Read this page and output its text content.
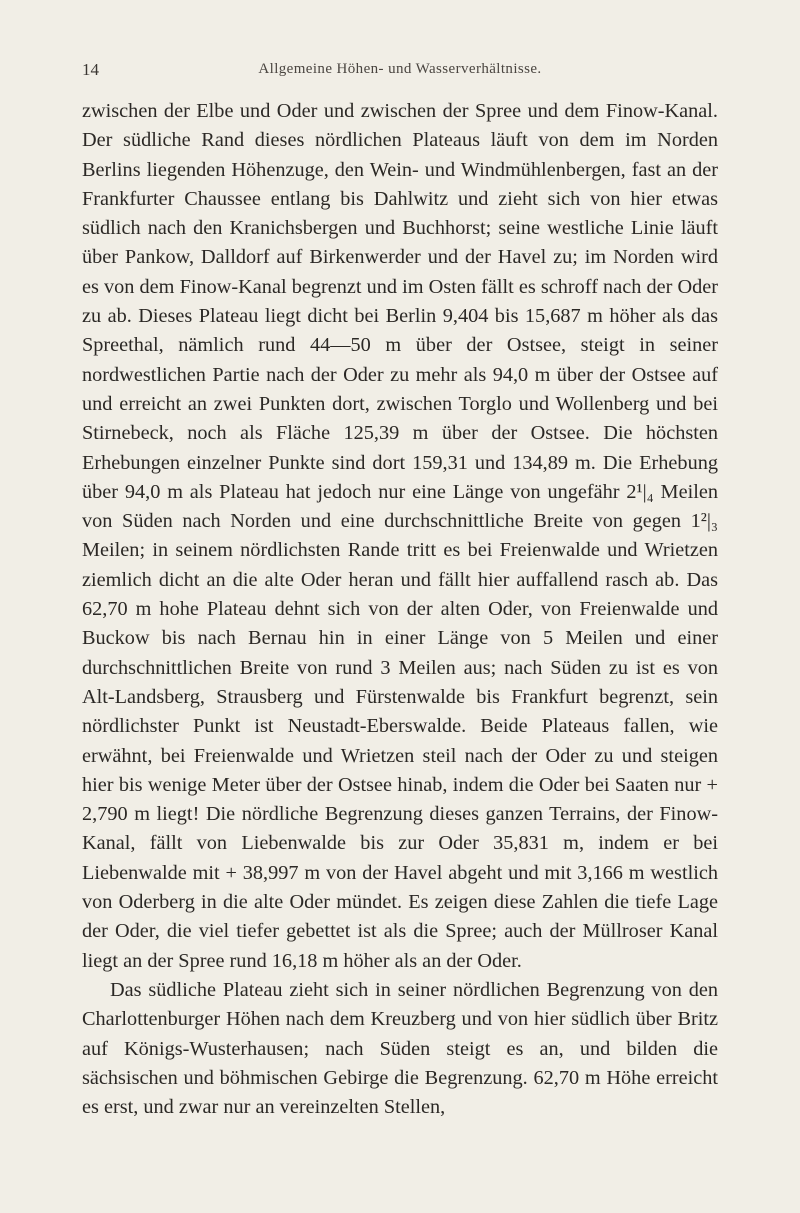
14	Allgemeine Höhen- und Wasserverhältnisse.

zwischen der Elbe und Oder und zwischen der Spree und dem Finow-Kanal. Der südliche Rand dieses nördlichen Plateaus läuft von dem im Norden Berlins liegenden Höhenzuge, den Wein- und Windmühlenbergen, fast an der Frankfurter Chaussee entlang bis Dahlwitz und zieht sich von hier etwas südlich nach den Kranichsbergen und Buchhorst; seine westliche Linie läuft über Pankow, Dalldorf auf Birkenwerder und der Havel zu; im Norden wird es von dem Finow-Kanal begrenzt und im Osten fällt es schroff nach der Oder zu ab. Dieses Plateau liegt dicht bei Berlin 9,404 bis 15,687 m höher als das Spreethal, nämlich rund 44—50 m über der Ostsee, steigt in seiner nordwestlichen Partie nach der Oder zu mehr als 94,0 m über der Ostsee auf und erreicht an zwei Punkten dort, zwischen Torglo und Wollenberg und bei Stirnebeck, noch als Fläche 125,39 m über der Ostsee. Die höchsten Erhebungen einzelner Punkte sind dort 159,31 und 134,89 m. Die Erhebung über 94,0 m als Plateau hat jedoch nur eine Länge von ungefähr 2¹|₄ Meilen von Süden nach Norden und eine durchschnittliche Breite von gegen 1²|₃ Meilen; in seinem nördlichsten Rande tritt es bei Freienwalde und Wrietzen ziemlich dicht an die alte Oder heran und fällt hier auffallend rasch ab. Das 62,70 m hohe Plateau dehnt sich von der alten Oder, von Freienwalde und Buckow bis nach Bernau hin in einer Länge von 5 Meilen und einer durchschnittlichen Breite von rund 3 Meilen aus; nach Süden zu ist es von Alt-Landsberg, Strausberg und Fürstenwalde bis Frankfurt begrenzt, sein nördlichster Punkt ist Neustadt-Eberswalde. Beide Plateaus fallen, wie erwähnt, bei Freienwalde und Wrietzen steil nach der Oder zu und steigen hier bis wenige Meter über der Ostsee hinab, indem die Oder bei Saaten nur + 2,790 m liegt! Die nördliche Begrenzung dieses ganzen Terrains, der Finow-Kanal, fällt von Liebenwalde bis zur Oder 35,831 m, indem er bei Liebenwalde mit + 38,997 m von der Havel abgeht und mit 3,166 m westlich von Oderberg in die alte Oder mündet. Es zeigen diese Zahlen die tiefe Lage der Oder, die viel tiefer gebettet ist als die Spree; auch der Müllroser Kanal liegt an der Spree rund 16,18 m höher als an der Oder.

Das südliche Plateau zieht sich in seiner nördlichen Begrenzung von den Charlottenburger Höhen nach dem Kreuzberg und von hier südlich über Britz auf Königs-Wusterhausen; nach Süden steigt es an, und bilden die sächsischen und böhmischen Gebirge die Begrenzung. 62,70 m Höhe erreicht es erst, und zwar nur an vereinzelten Stellen,
